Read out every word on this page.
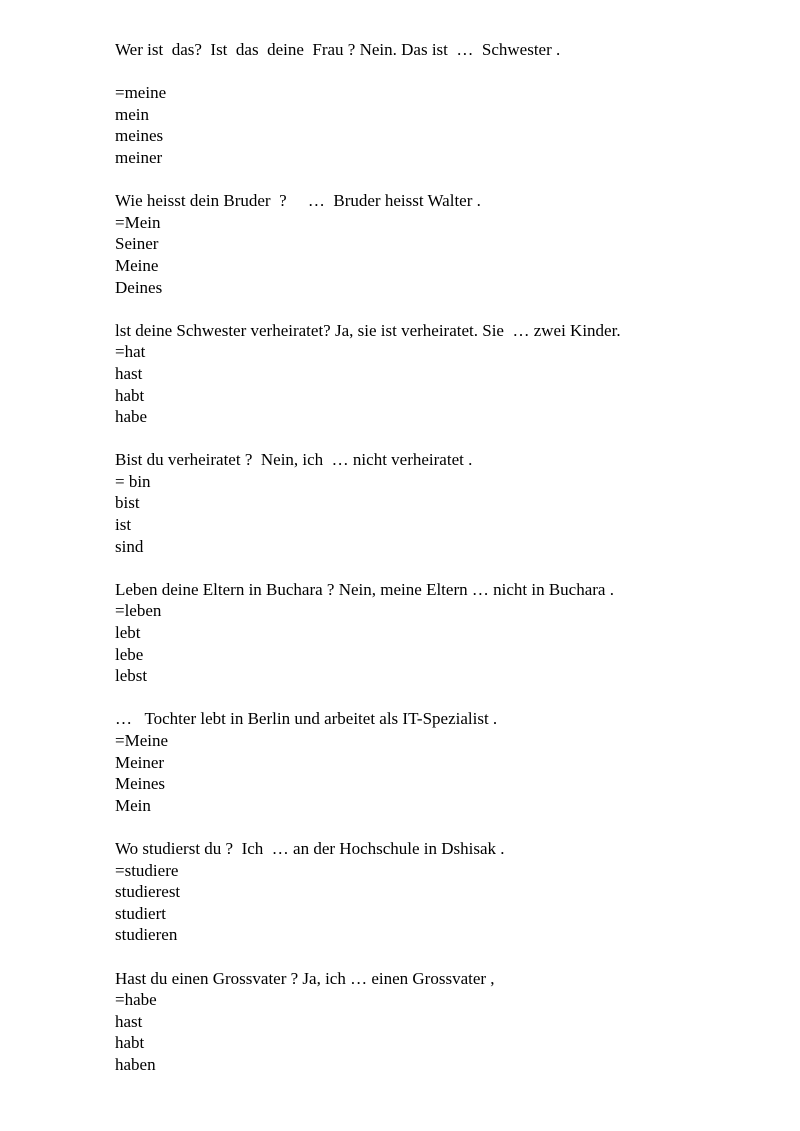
Wer ist  das?  Ist  das  deine  Frau ? Nein. Das ist  …  Schwester .

=meine

mein

meines

meiner

Wie heisst dein Bruder  ?     …  Bruder heisst Walter .

=Mein

Seiner

Meine

Deines

lst deine Schwester verheiratet? Ja, sie ist verheiratet. Sie  … zwei Kinder.

=hat

hast

habt

habe

Bist du verheiratet ?  Nein, ich  … nicht verheiratet .

= bin

bist

ist

sind

Leben deine Eltern in Buchara ? Nein, meine Eltern … nicht in Buchara .

=leben

lebt

lebe

lebst

…   Tochter lebt in Berlin und arbeitet als IT-Spezialist .

=Meine

Meiner

Meines

Mein

Wo studierst du ?  Ich  … an der Hochschule in Dshisak .

=studiere

studierest

studiert

studieren

Hast du einen Grossvater ? Ja, ich … einen Grossvater ,

=habe

hast

habt

haben
